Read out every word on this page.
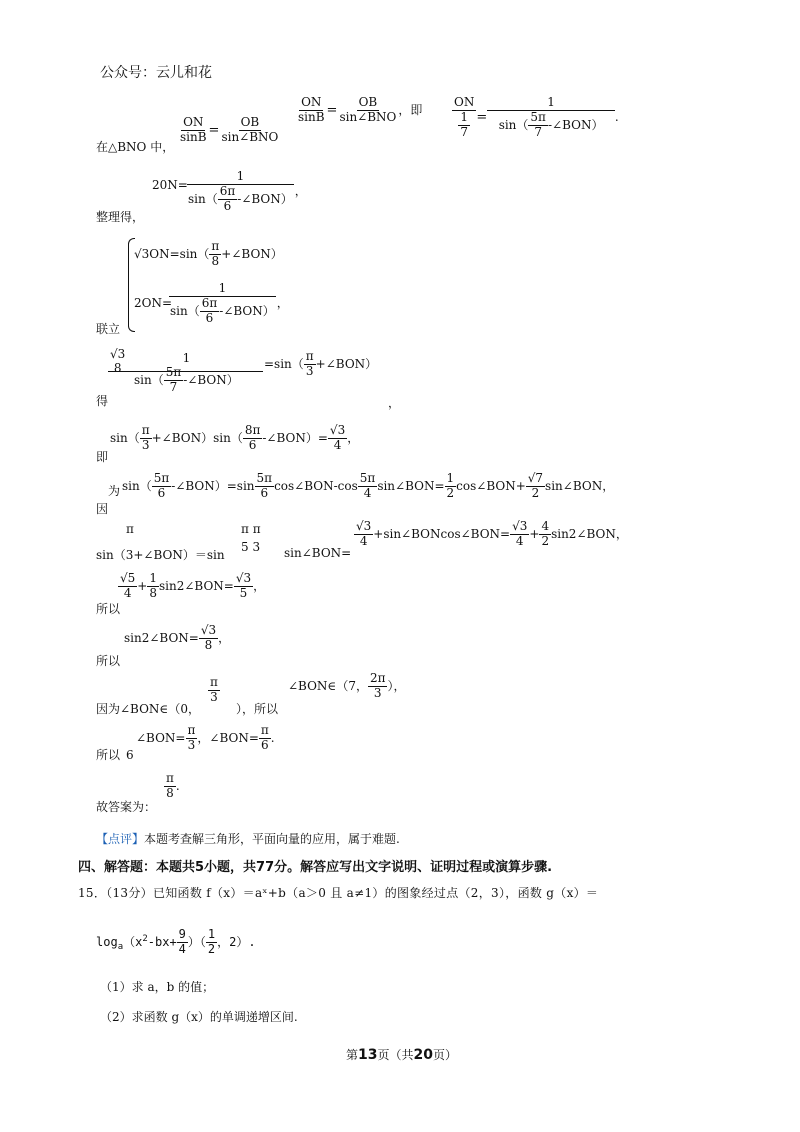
公众号：云儿和花
在△BNO 中，
$\frac{ON}{\sin B}$ =
OB
sin∠BNO
$\frac{ON}{\sin B}$ =
OB
sin∠BNO ，即 $\frac{ON}{\frac{1}{7}}$ =
1
$\sin( \frac{5\pi}{7}$ -∠BON）
.
整理得，
20N=
1
$\sin( \frac{6\pi}{6}$ -∠BON）
，
联立
$√3ON=\sin( \frac{\pi}{8}$ +∠BON）
2ON=
1
$\sin( \frac{6\pi}{6}$ -∠BON）
，
得
√3
8
1
$\sin( \frac{5\pi}{7}$ -∠BON）
$=\sin( \frac{\pi}{3}$ +∠BON）
，
即
$\sin( \frac{\pi}{3}$ +∠BON）sin（ $\frac{8\pi}{6}$ -∠BON）= $\frac{√3}{4}$ ，
为
因
$\sin( \frac{5\pi}{6}$ -∠BON）=sin $\frac{5\pi}{6}$ cos∠BON-cos $\frac{5\pi}{4}$ sin∠BON= $\frac{1}{2}$ cos∠BON+ $\frac{√7}{2}$ sin∠BON，
π	π π
5 3
sin（3+∠BON）＝sin	sin∠BON=
$\frac{√3}{4}$ +sin∠BONcos∠BON= $\frac{√3}{4} + \frac{4}{2}$ sin2∠BON，
所以
$\frac{√5}{4} + \frac{1}{8}$ sin2∠BON= $\frac{√3}{5}$ ，
所以
sin2∠BON= $\frac{√3}{8}$ ，
因为∠BON∈（0，
$\frac{\pi}{3}$
），所以
∠BON∈（7， $\frac{2\pi}{3}$ ），
所以 6
∠BON= $\frac{\pi}{3}$ ，∠BON= $\frac{\pi}{6}$ .
故答案为：
$\frac{\pi}{8}$ .
【点评】本题考查解三角形，平面向量的应用，属于难题.
四、解答题：本题共5小题，共77分。解答应写出文字说明、证明过程或演算步骤.
15．（13分）已知函数 f（x）＝aˣ+b（a＞0 且 a≠1）的图象经过点（2，3），函数 g（x）＝
$\log_a(x^2-bx+ \frac{9}{4}$ ）（ $\frac{1}{2}$ ，2）.
（1）求 a，b 的值；
（2）求函数 g（x）的单调递增区间.
第13页（共20页）
